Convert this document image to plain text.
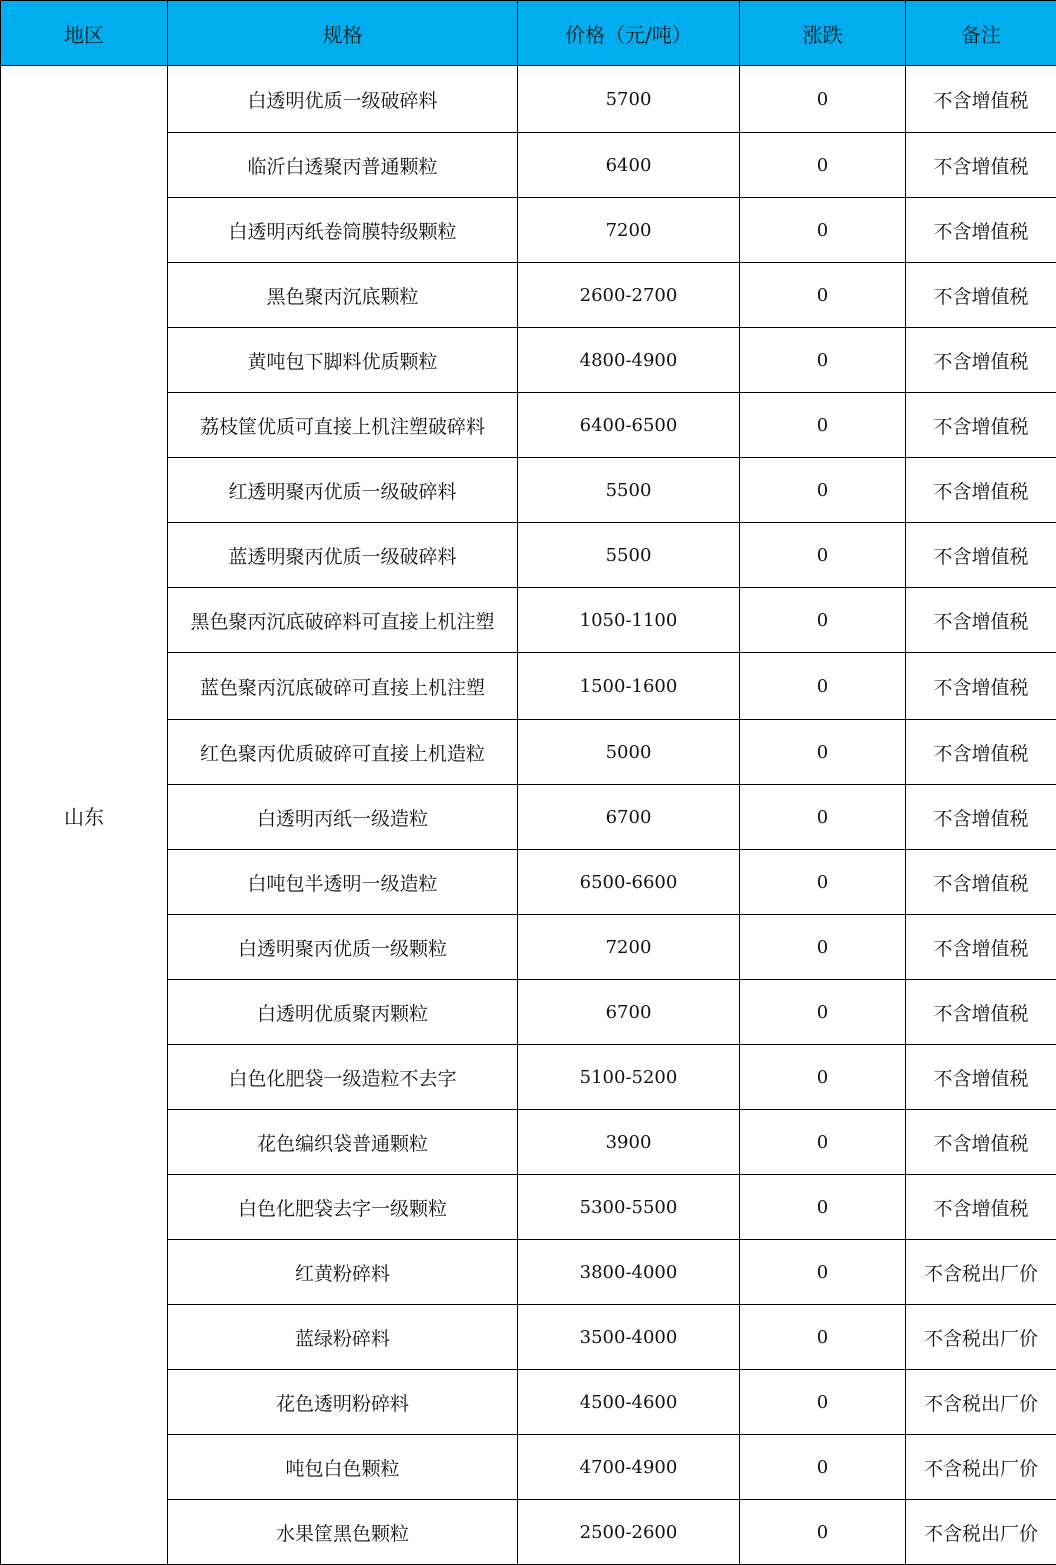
地区	规格	价格（元/吨）	涨跌	备注
山东	白透明优质一级破碎料	5700	0	不含增值税
	临沂白透聚丙普通颗粒	6400	0	不含增值税
	白透明丙纸卷筒膜特级颗粒	7200	0	不含增值税
	黑色聚丙沉底颗粒	2600-2700	0	不含增值税
	黄吨包下脚料优质颗粒	4800-4900	0	不含增值税
	荔枝筐优质可直接上机注塑破碎料	6400-6500	0	不含增值税
	红透明聚丙优质一级破碎料	5500	0	不含增值税
	蓝透明聚丙优质一级破碎料	5500	0	不含增值税
	黑色聚丙沉底破碎料可直接上机注塑	1050-1100	0	不含增值税
	蓝色聚丙沉底破碎可直接上机注塑	1500-1600	0	不含增值税
	红色聚丙优质破碎可直接上机造粒	5000	0	不含增值税
	白透明丙纸一级造粒	6700	0	不含增值税
	白吨包半透明一级造粒	6500-6600	0	不含增值税
	白透明聚丙优质一级颗粒	7200	0	不含增值税
	白透明优质聚丙颗粒	6700	0	不含增值税
	白色化肥袋一级造粒不去字	5100-5200	0	不含增值税
	花色编织袋普通颗粒	3900	0	不含增值税
	白色化肥袋去字一级颗粒	5300-5500	0	不含增值税
	红黄粉碎料	3800-4000	0	不含税出厂价
	蓝绿粉碎料	3500-4000	0	不含税出厂价
	花色透明粉碎料	4500-4600	0	不含税出厂价
	吨包白色颗粒	4700-4900	0	不含税出厂价
	水果筐黑色颗粒	2500-2600	0	不含税出厂价
